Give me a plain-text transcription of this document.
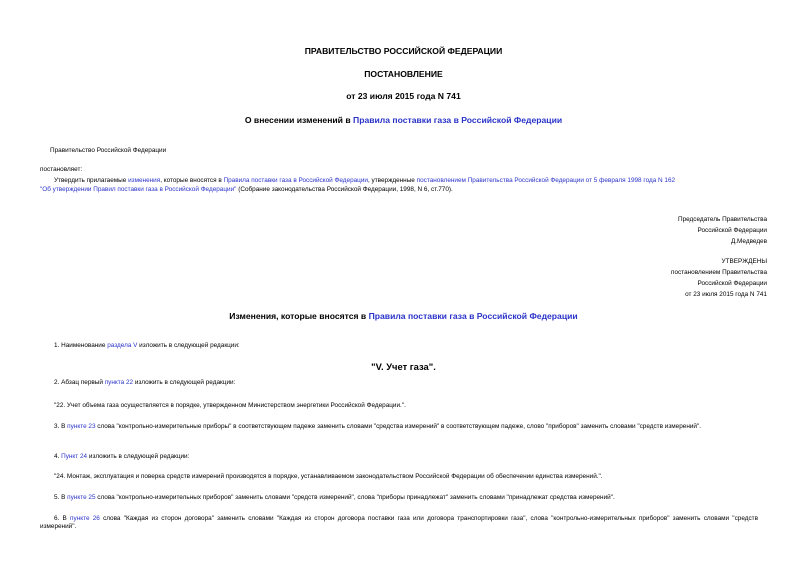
ПРАВИТЕЛЬСТВО РОССИЙСКОЙ ФЕДЕРАЦИИ
ПОСТАНОВЛЕНИЕ
от 23 июля 2015 года N 741
О внесении изменений в Правила поставки газа в Российской Федерации
Правительство Российской Федерации
постановляет:
Утвердить прилагаемые изменения, которые вносятся в Правила поставки газа в Российской Федерации, утвержденные постановлением Правительства Российской Федерации от 5 февраля 1998 года N 162
"Об утверждении Правил поставки газа в Российской Федерации" (Собрание законодательства Российской Федерации, 1998, N 6, ст.770).
Председатель Правительства
Российской Федерации
Д.Медведев
УТВЕРЖДЕНЫ
постановлением Правительства
Российской Федерации
от 23 июля 2015 года N 741
Изменения, которые вносятся в Правила поставки газа в Российской Федерации
1. Наименование раздела V изложить в следующей редакции:
"V. Учет газа".
2. Абзац первый пункта 22 изложить в следующей редакции:
"22. Учет объема газа осуществляется в порядке, утвержденном Министерством энергетики Российской Федерации.".
3. В пункте 23 слова "контрольно-измерительные приборы" в соответствующем падеже заменить словами "средства измерений" в соответствующем падеже, слово "приборов" заменить словами "средств измерений".
4. Пункт 24 изложить в следующей редакции:
"24. Монтаж, эксплуатация и поверка средств измерений производятся в порядке, устанавливаемом законодательством Российской Федерации об обеспечении единства измерений.".
5. В пункте 25 слова "контрольно-измерительных приборов" заменить словами "средств измерений", слова "приборы принадлежат" заменить словами "принадлежат средства измерений".
6. В пункте 26 слова "Каждая из сторон договора" заменить словами "Каждая из сторон договора поставки газа или договора транспортировки газа", слова "контрольно-измерительных приборов" заменить словами "средств измерений".
